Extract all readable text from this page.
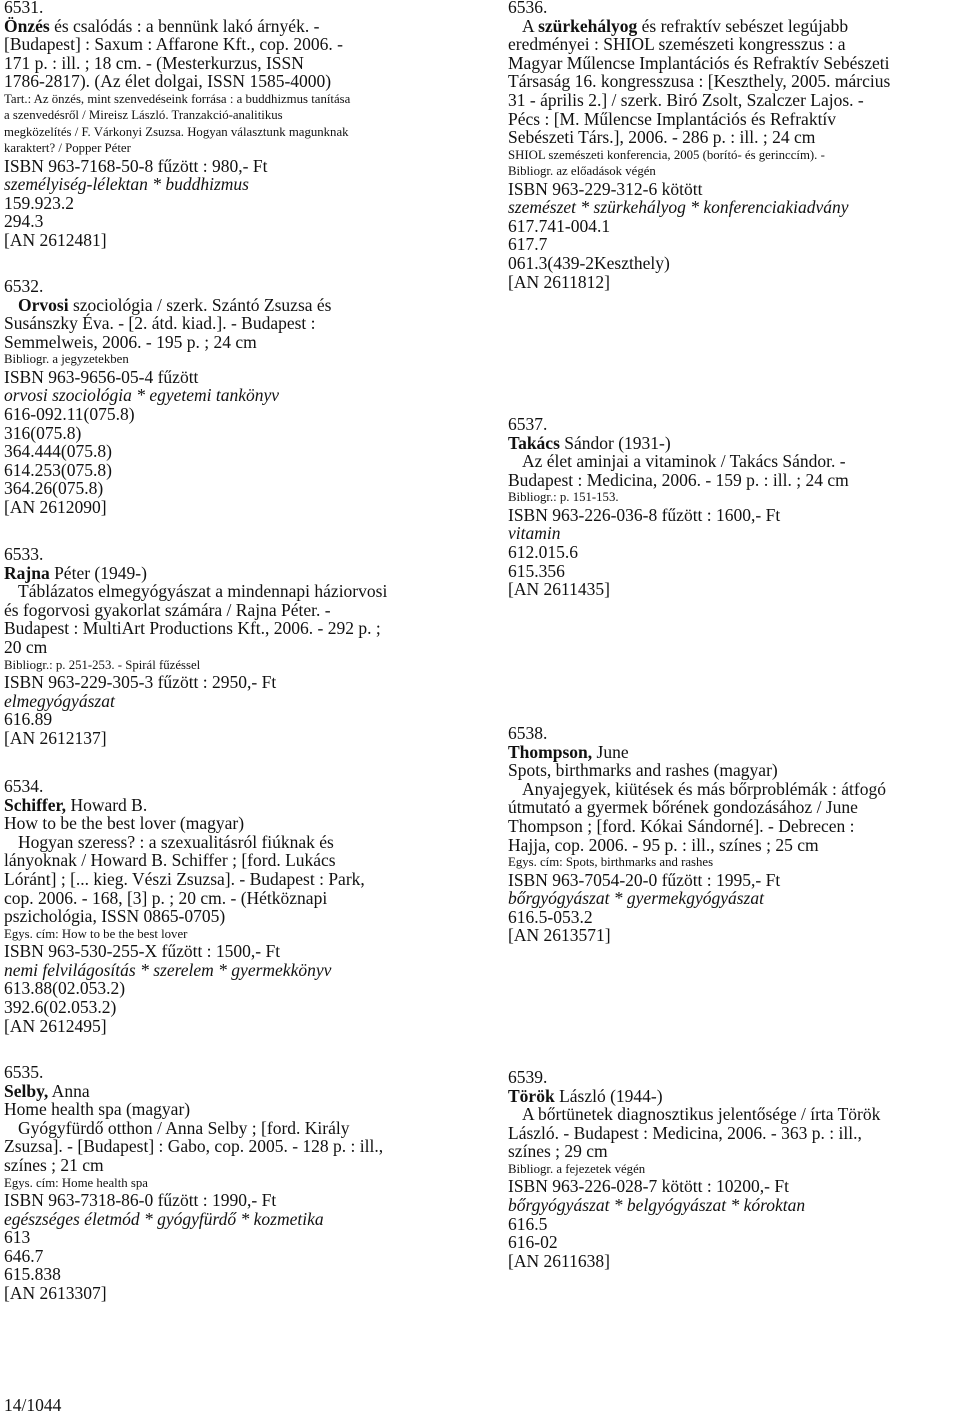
6531.
Önzés és csalódás : a bennünk lakó árnyék. -
[Budapest] : Saxum : Affarone Kft., cop. 2006. -
171 p. : ill. ; 18 cm. - (Mesterkurzus, ISSN
1786-2817). (Az élet dolgai, ISSN 1585-4000)
Tart.: Az önzés, mint szenvedéseink forrása : a buddhizmus tanítása
a szenvedésről / Mireisz László. Tranzakció-analitikus
megközelítés / F. Várkonyi Zsuzsa. Hogyan választunk magunknak
karaktert? / Popper Péter
ISBN 963-7168-50-8 fűzött : 980,- Ft
személyiség-lélektan * buddhizmus
159.923.2
294.3
[AN 2612481]
6532.
Orvosi szociológia / szerk. Szántó Zsuzsa és
Susánszky Éva. - [2. átd. kiad.]. - Budapest :
Semmelweis, 2006. - 195 p. ; 24 cm
Bibliogr. a jegyzetekben
ISBN 963-9656-05-4 fűzött
orvosi szociológia * egyetemi tankönyv
616-092.11(075.8)
316(075.8)
364.444(075.8)
614.253(075.8)
364.26(075.8)
[AN 2612090]
6533.
Rajna Péter (1949-)
Táblázatos elmegyógyászat a mindennapi háziorvosi
és fogorvosi gyakorlat számára / Rajna Péter. -
Budapest : MultiArt Productions Kft., 2006. - 292 p. ;
20 cm
Bibliogr.: p. 251-253. - Spirál fűzéssel
ISBN 963-229-305-3 fűzött : 2950,- Ft
elmegyógyászat
616.89
[AN 2612137]
6534.
Schiffer, Howard B.
How to be the best lover (magyar)
Hogyan szeress? : a szexualitásról fiúknak és
lányoknak / Howard B. Schiffer ; [ford. Lukács
Lóránt] ; [... kieg. Vészi Zsuzsa]. - Budapest : Park,
cop. 2006. - 168, [3] p. ; 20 cm. - (Hétköznapi
pszichológia, ISSN 0865-0705)
Egys. cím: How to be the best lover
ISBN 963-530-255-X fűzött : 1500,- Ft
nemi felvilágosítás * szerelem * gyermekkönyv
613.88(02.053.2)
392.6(02.053.2)
[AN 2612495]
6535.
Selby, Anna
Home health spa (magyar)
Gyógyfürdő otthon / Anna Selby ; [ford. Király
Zsuzsa]. - [Budapest] : Gabo, cop. 2005. - 128 p. : ill.,
színes ; 21 cm
Egys. cím: Home health spa
ISBN 963-7318-86-0 fűzött : 1990,- Ft
egészséges életmód * gyógyfürdő * kozmetika
613
646.7
615.838
[AN 2613307]
6536.
A szürkehályog és refraktív sebészet legújabb
eredményei : SHIOL szemészeti kongresszus : a
Magyar Műlencse Implantációs és Refraktív Sebészeti
Társaság 16. kongresszusa : [Keszthely, 2005. március
31 - április 2.] / szerk. Biró Zsolt, Szalczer Lajos. -
Pécs : [M. Műlencse Implantációs és Refraktív
Sebészeti Társ.], 2006. - 286 p. : ill. ; 24 cm
SHIOL szemészeti konferencia, 2005 (borító- és gerinccím). -
Bibliogr. az előadások végén
ISBN 963-229-312-6 kötött
szemészet * szürkehályog * konferenciakiadvány
617.741-004.1
617.7
061.3(439-2Keszthely)
[AN 2611812]
6537.
Takács Sándor (1931-)
Az élet aminjai a vitaminok / Takács Sándor. -
Budapest : Medicina, 2006. - 159 p. : ill. ; 24 cm
Bibliogr.: p. 151-153.
ISBN 963-226-036-8 fűzött : 1600,- Ft
vitamin
612.015.6
615.356
[AN 2611435]
6538.
Thompson, June
Spots, birthmarks and rashes (magyar)
Anyajegyek, kiütések és más bőrproblémák : átfogó
útmutató a gyermek bőrének gondozásához / June
Thompson ; [ford. Kókai Sándorné]. - Debrecen :
Hajja, cop. 2006. - 95 p. : ill., színes ; 25 cm
Egys. cím: Spots, birthmarks and rashes
ISBN 963-7054-20-0 fűzött : 1995,- Ft
bőrgyógyászat * gyermekgyógyászat
616.5-053.2
[AN 2613571]
6539.
Török László (1944-)
A bőrtünetek diagnosztikus jelentősége / írta Török
László. - Budapest : Medicina, 2006. - 363 p. : ill.,
színes ; 29 cm
Bibliogr. a fejezetek végén
ISBN 963-226-028-7 kötött : 10200,- Ft
bőrgyógyászat * belgyógyászat * kóroktan
616.5
616-02
[AN 2611638]
14/1044
